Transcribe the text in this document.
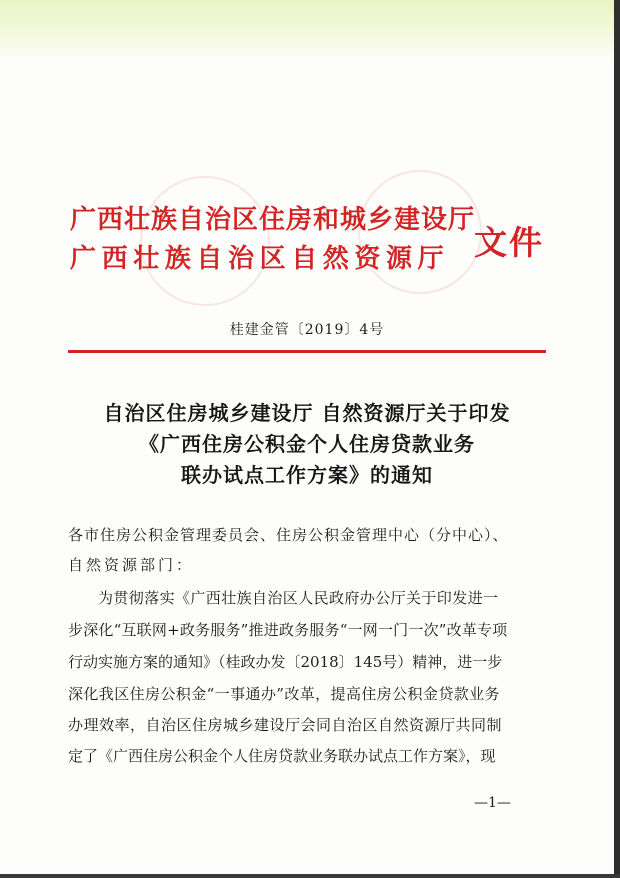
广西壮族自治区住房和城乡建设厅
广西壮族自治区自然资源厅 文件
桂建金管〔2019〕4号
自治区住房城乡建设厅 自然资源厅关于印发
《广西住房公积金个人住房贷款业务
联办试点工作方案》的通知
各市住房公积金管理委员会、住房公积金管理中心（分中心）、
自然资源部门：
为贯彻落实《广西壮族自治区人民政府办公厅关于印发进一
步深化“互联网+政务服务”推进政务服务“一网一门一次”改革专项
行动实施方案的通知》（桂政办发〔2018〕145号）精神，进一步
深化我区住房公积金“一事通办”改革，提高住房公积金贷款业务
办理效率，自治区住房城乡建设厅会同自治区自然资源厅共同制
定了《广西住房公积金个人住房贷款业务联办试点工作方案》，现
—1—
